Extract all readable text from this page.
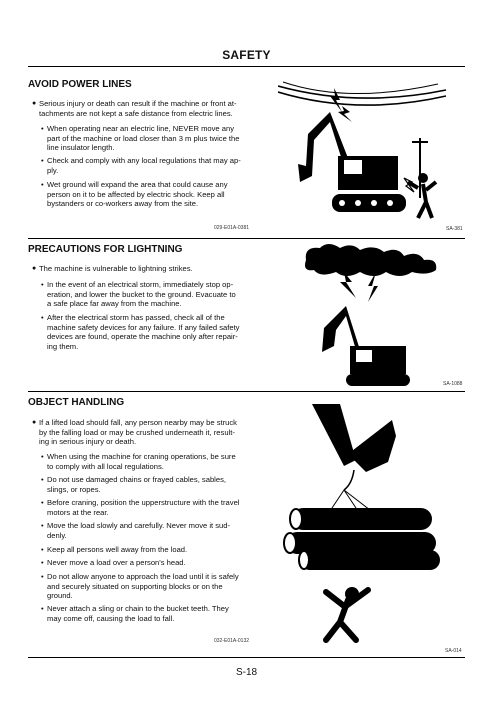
SAFETY
AVOID POWER LINES
● Serious injury or death can result if the machine or front at-
tachments are not kept a safe distance from electric lines.
• When operating near an electric line, NEVER move any
part of the machine or load closer than 3 m plus twice the
line insulator length.
• Check and comply with any local regulations that may ap-
ply.
• Wet ground will expand the area that could cause any
person on it to be affected by electric shock. Keep all
bystanders or co-workers away from the site.
029-E01A-0381	SA-381
PRECAUTIONS FOR LIGHTNING
● The machine is vulnerable to lightning strikes.
• In the event of an electrical storm, immediately stop op-
eration, and lower the bucket to the ground. Evacuate to
a safe place far away from the machine.
• After the electrical storm has passed, check all of the
machine safety devices for any failure. If any failed safety
devices are found, operate the machine only after repair-
ing them.
SA-1088
OBJECT HANDLING
● If a lifted load should fall, any person nearby may be struck
by the falling load or may be crushed underneath it, result-
ing in serious injury or death.
• When using the machine for craning operations, be sure
to comply with all local regulations.
• Do not use damaged chains or frayed cables, sables,
slings, or ropes.
• Before craning, position the upperstructure with the travel
motors at the rear.
• Move the load slowly and carefully. Never move it sud-
denly.
• Keep all persons well away from the load.
• Never move a load over a person's head.
• Do not allow anyone to approach the load until it is safely
and securely situated on supporting blocks or on the
ground.
• Never attach a sling or chain to the bucket teeth. They
may come off, causing the load to fall.
032-E01A-0132
SA-014
S-18
